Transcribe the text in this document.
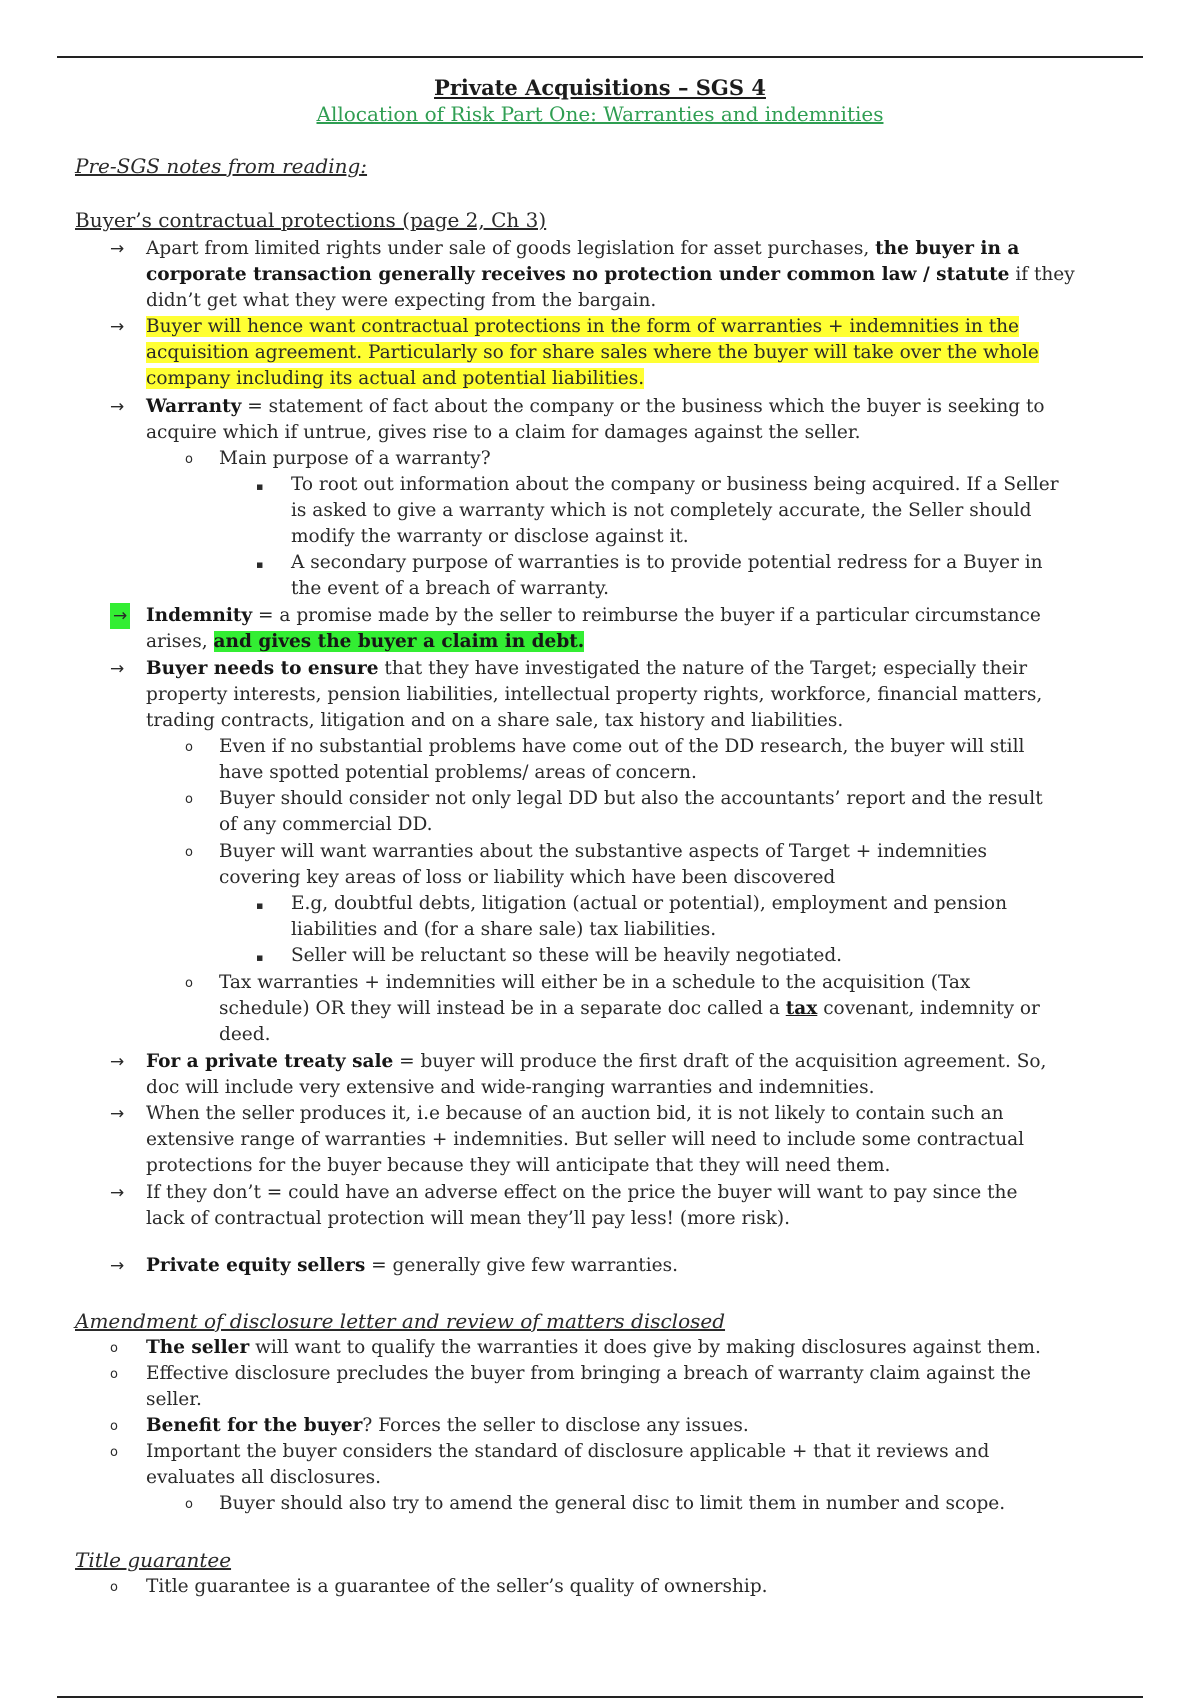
Private Acquisitions – SGS 4
Allocation of Risk Part One: Warranties and indemnities
Pre-SGS notes from reading:
Buyer’s contractual protections (page 2, Ch 3)
→ Apart from limited rights under sale of goods legislation for asset purchases, the buyer in a
corporate transaction generally receives no protection under common law / statute if they
didn’t get what they were expecting from the bargain.
→ Buyer will hence want contractual protections in the form of warranties + indemnities in the
acquisition agreement. Particularly so for share sales where the buyer will take over the whole
company including its actual and potential liabilities.
→ Warranty = statement of fact about the company or the business which the buyer is seeking to
acquire which if untrue, gives rise to a claim for damages against the seller.
o Main purpose of a warranty?
▪ To root out information about the company or business being acquired. If a Seller
is asked to give a warranty which is not completely accurate, the Seller should
modify the warranty or disclose against it.
▪ A secondary purpose of warranties is to provide potential redress for a Buyer in
the event of a breach of warranty.
→ Indemnity = a promise made by the seller to reimburse the buyer if a particular circumstance
arises, and gives the buyer a claim in debt.
→ Buyer needs to ensure that they have investigated the nature of the Target; especially their
property interests, pension liabilities, intellectual property rights, workforce, financial matters,
trading contracts, litigation and on a share sale, tax history and liabilities.
o Even if no substantial problems have come out of the DD research, the buyer will still
have spotted potential problems/ areas of concern.
o Buyer should consider not only legal DD but also the accountants’ report and the result
of any commercial DD.
o Buyer will want warranties about the substantive aspects of Target + indemnities
covering key areas of loss or liability which have been discovered
▪ E.g, doubtful debts, litigation (actual or potential), employment and pension
liabilities and (for a share sale) tax liabilities.
▪ Seller will be reluctant so these will be heavily negotiated.
o Tax warranties + indemnities will either be in a schedule to the acquisition (Tax
schedule) OR they will instead be in a separate doc called a tax covenant, indemnity or
deed.
→ For a private treaty sale = buyer will produce the first draft of the acquisition agreement. So,
doc will include very extensive and wide-ranging warranties and indemnities.
→ When the seller produces it, i.e because of an auction bid, it is not likely to contain such an
extensive range of warranties + indemnities. But seller will need to include some contractual
protections for the buyer because they will anticipate that they will need them.
→ If they don’t = could have an adverse effect on the price the buyer will want to pay since the
lack of contractual protection will mean they’ll pay less! (more risk).
→ Private equity sellers = generally give few warranties.
Amendment of disclosure letter and review of matters disclosed
o The seller will want to qualify the warranties it does give by making disclosures against them.
o Effective disclosure precludes the buyer from bringing a breach of warranty claim against the
seller.
o Benefit for the buyer? Forces the seller to disclose any issues.
o Important the buyer considers the standard of disclosure applicable + that it reviews and
evaluates all disclosures.
o Buyer should also try to amend the general disc to limit them in number and scope.
Title guarantee
o Title guarantee is a guarantee of the seller’s quality of ownership.
